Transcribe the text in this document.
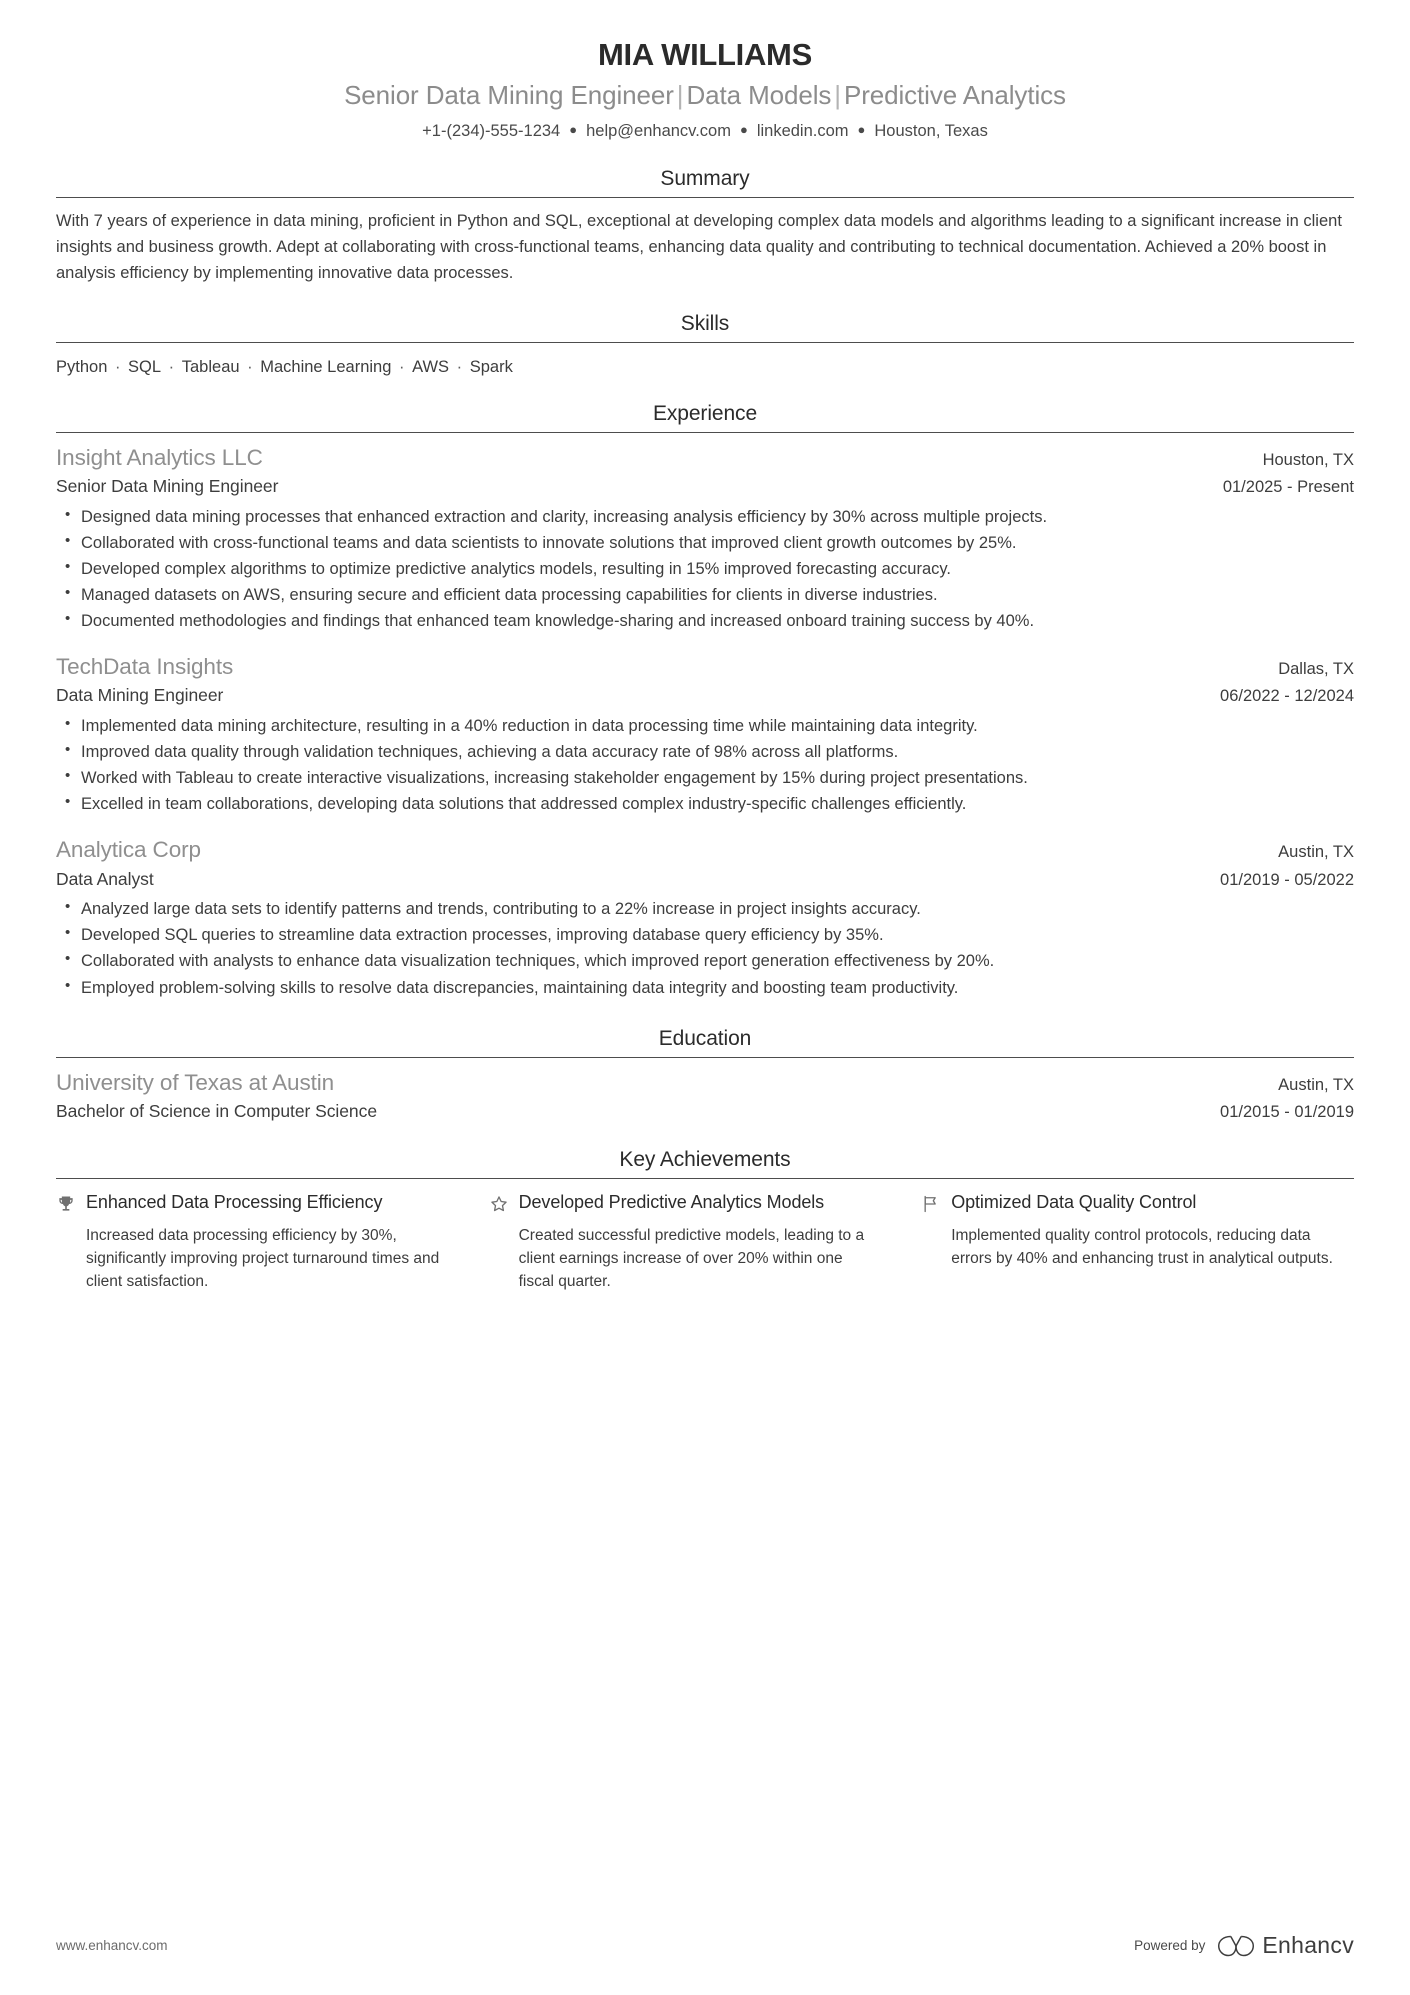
MIA WILLIAMS
Senior Data Mining Engineer | Data Models | Predictive Analytics
+1-(234)-555-1234 ● help@enhancv.com ● linkedin.com ● Houston, Texas
Summary
With 7 years of experience in data mining, proficient in Python and SQL, exceptional at developing complex data models and algorithms leading to a significant increase in client insights and business growth. Adept at collaborating with cross-functional teams, enhancing data quality and contributing to technical documentation. Achieved a 20% boost in analysis efficiency by implementing innovative data processes.
Skills
Python · SQL · Tableau · Machine Learning · AWS · Spark
Experience
Insight Analytics LLC	Houston, TX
Senior Data Mining Engineer	01/2025 - Present
• Designed data mining processes that enhanced extraction and clarity, increasing analysis efficiency by 30% across multiple projects.
• Collaborated with cross-functional teams and data scientists to innovate solutions that improved client growth outcomes by 25%.
• Developed complex algorithms to optimize predictive analytics models, resulting in 15% improved forecasting accuracy.
• Managed datasets on AWS, ensuring secure and efficient data processing capabilities for clients in diverse industries.
• Documented methodologies and findings that enhanced team knowledge-sharing and increased onboard training success by 40%.
TechData Insights	Dallas, TX
Data Mining Engineer	06/2022 - 12/2024
• Implemented data mining architecture, resulting in a 40% reduction in data processing time while maintaining data integrity.
• Improved data quality through validation techniques, achieving a data accuracy rate of 98% across all platforms.
• Worked with Tableau to create interactive visualizations, increasing stakeholder engagement by 15% during project presentations.
• Excelled in team collaborations, developing data solutions that addressed complex industry-specific challenges efficiently.
Analytica Corp	Austin, TX
Data Analyst	01/2019 - 05/2022
• Analyzed large data sets to identify patterns and trends, contributing to a 22% increase in project insights accuracy.
• Developed SQL queries to streamline data extraction processes, improving database query efficiency by 35%.
• Collaborated with analysts to enhance data visualization techniques, which improved report generation effectiveness by 20%.
• Employed problem-solving skills to resolve data discrepancies, maintaining data integrity and boosting team productivity.
Education
University of Texas at Austin	Austin, TX
Bachelor of Science in Computer Science	01/2015 - 01/2019
Key Achievements
Enhanced Data Processing Efficiency
Increased data processing efficiency by 30%, significantly improving project turnaround times and client satisfaction.
Developed Predictive Analytics Models
Created successful predictive models, leading to a client earnings increase of over 20% within one fiscal quarter.
Optimized Data Quality Control
Implemented quality control protocols, reducing data errors by 40% and enhancing trust in analytical outputs.
www.enhancv.com	Powered by Enhancv
